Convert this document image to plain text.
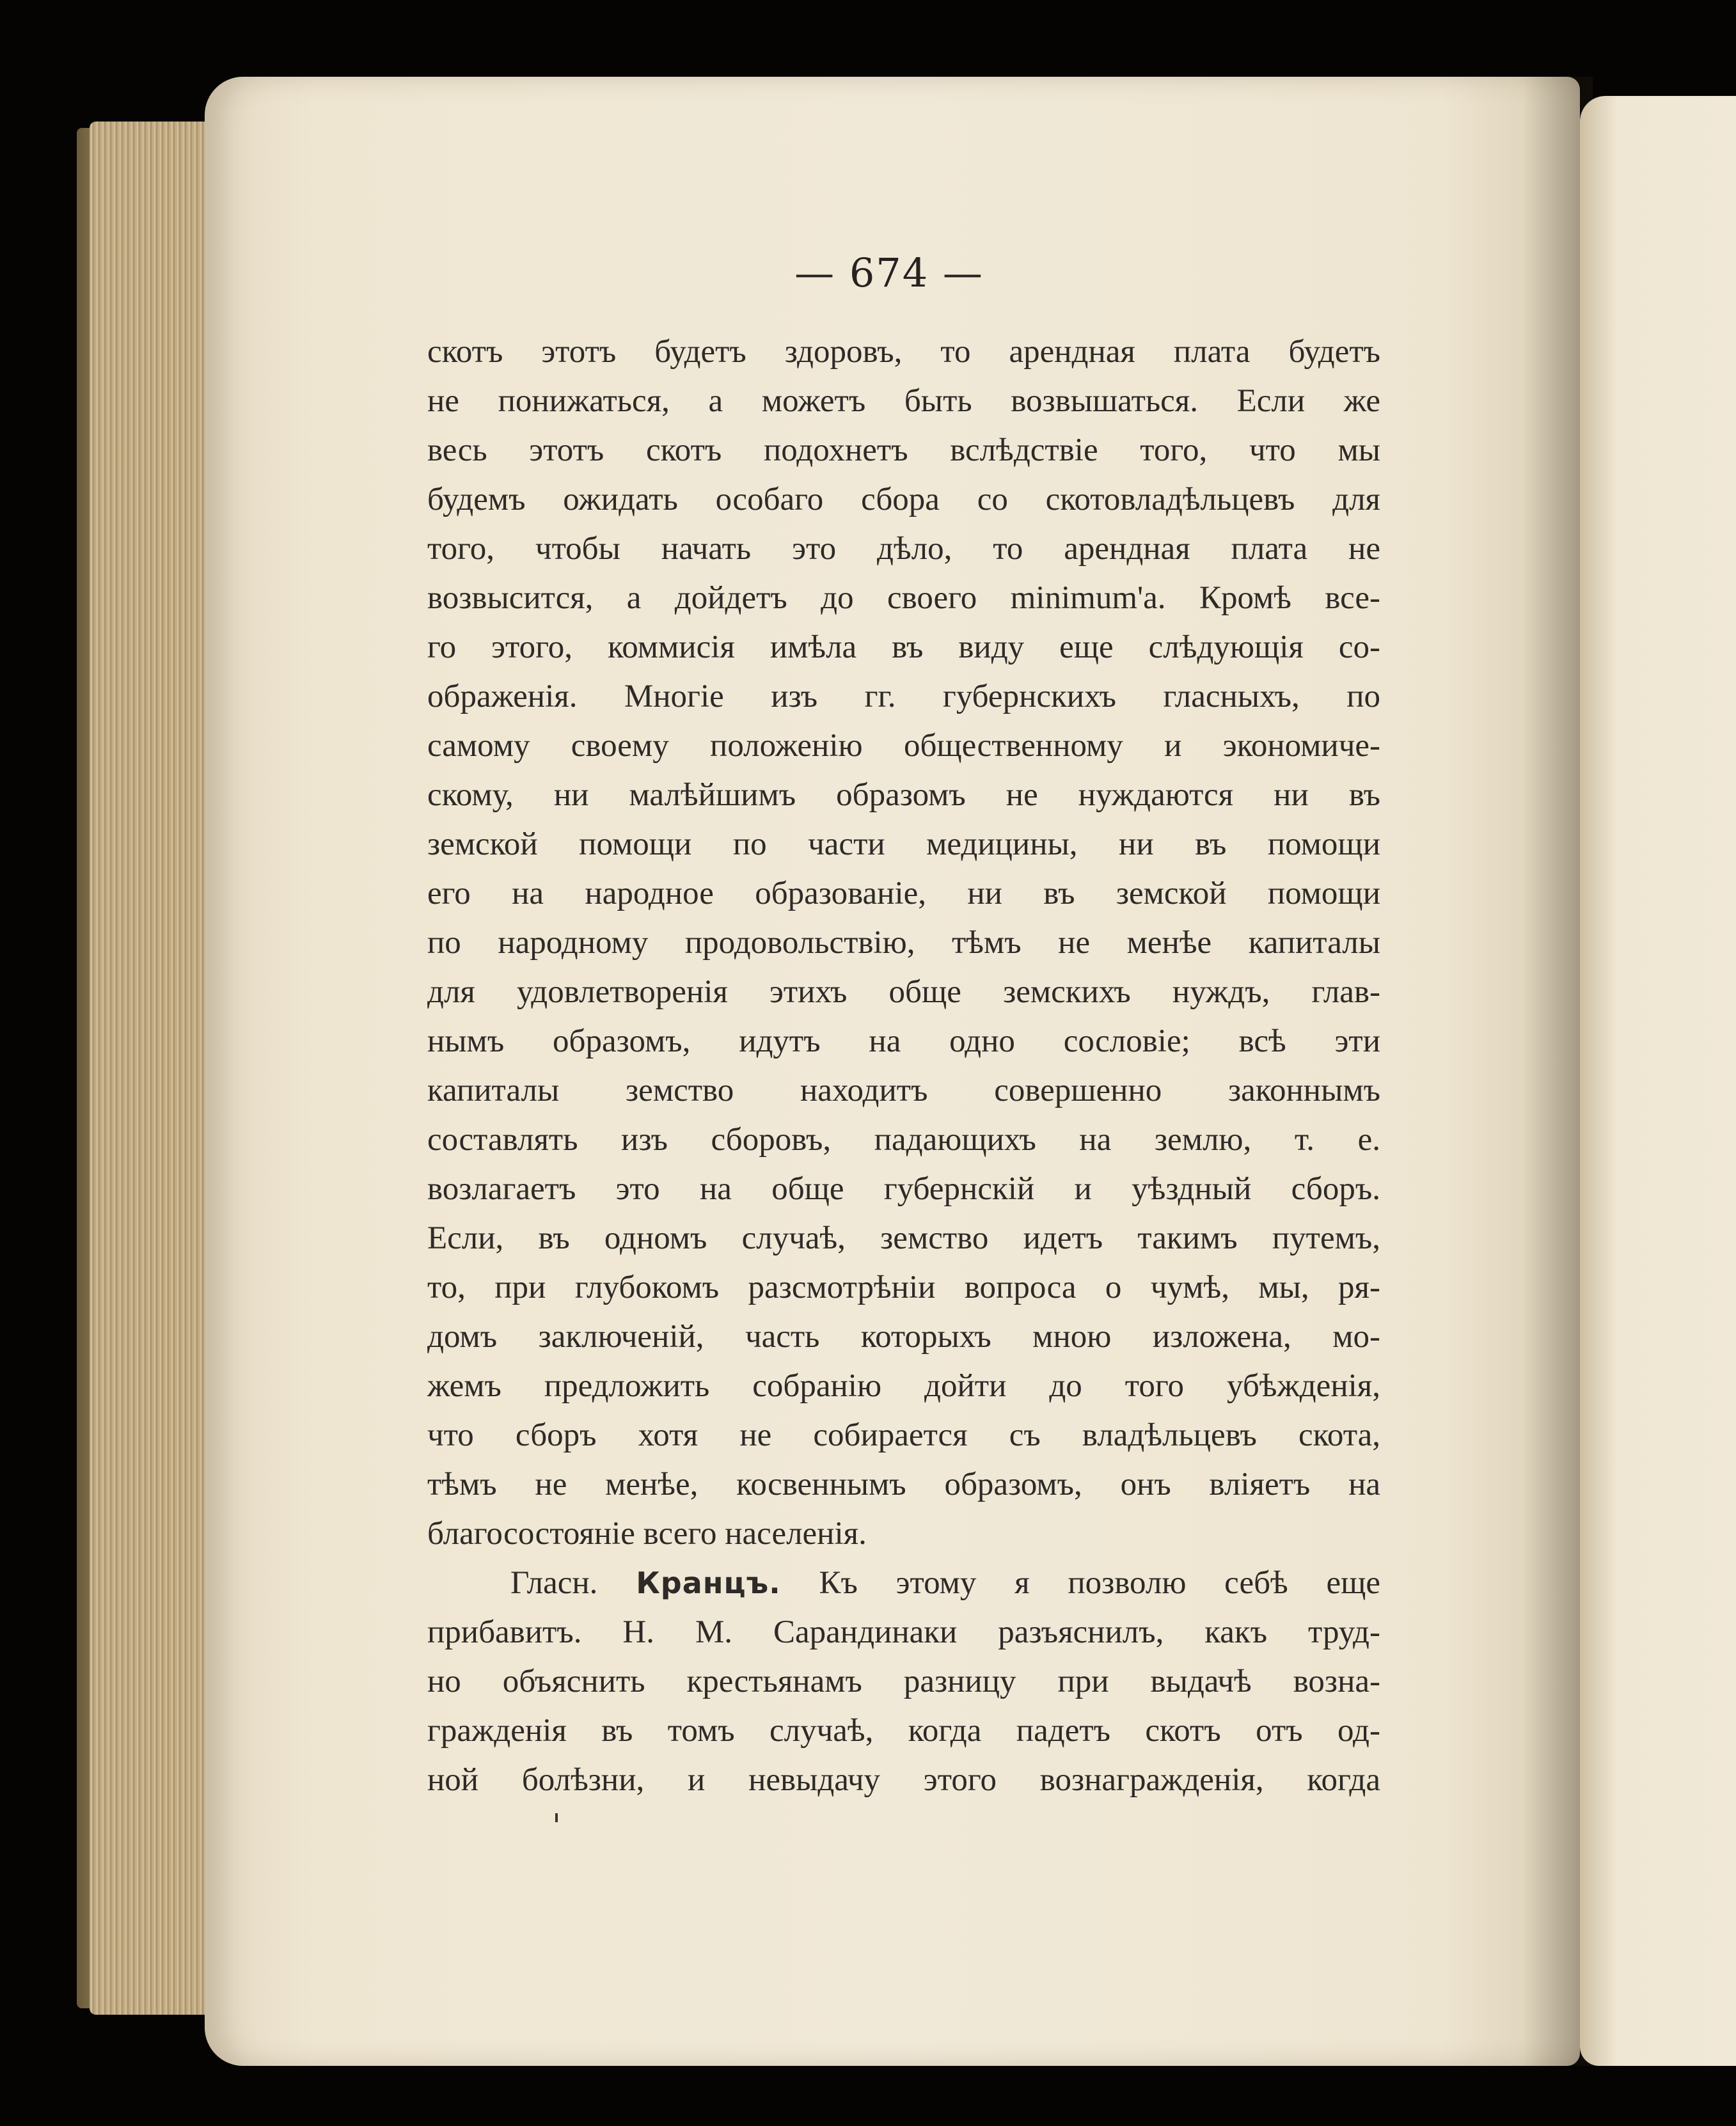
— 674 —
скотъ этотъ будетъ здоровъ, то арендная плата будетъ
не понижаться, а можетъ быть возвышаться. Если же
весь этотъ скотъ подохнетъ вслѣдствіе того, что мы
будемъ ожидать особаго сбора со скотовладѣльцевъ для
того, чтобы начать это дѣло, то арендная плата не
возвысится, а дойдетъ до своего minimum'а. Кромѣ все-
го этого, коммисія имѣла въ виду еще слѣдующія со-
ображенія. Многіе изъ гг. губернскихъ гласныхъ, по
самому своему положенію общественному и экономиче-
скому, ни малѣйшимъ образомъ не нуждаются ни въ
земской помощи по части медицины, ни въ помощи
его на народное образованіе, ни въ земской помощи
по народному продовольствію, тѣмъ не менѣе капиталы
для удовлетворенія этихъ обще земскихъ нуждъ, глав-
нымъ образомъ, идутъ на одно сословіе; всѣ эти
капиталы земство находитъ совершенно законнымъ
составлять изъ сборовъ, падающихъ на землю, т. е.
возлагаетъ это на обще губернскій и уѣздный сборъ.
Если, въ одномъ случаѣ, земство идетъ такимъ путемъ,
то, при глубокомъ разсмотрѣніи вопроса о чумѣ, мы, ря-
домъ заключеній, часть которыхъ мною изложена, мо-
жемъ предложить собранію дойти до того убѣжденія,
что сборъ хотя не собирается съ владѣльцевъ скота,
тѣмъ не менѣе, косвеннымъ образомъ, онъ вліяетъ на
благосостояніе всего населенія.
Гласн. Кранцъ. Къ этому я позволю себѣ еще
прибавитъ. Н. М. Сарандинаки разъяснилъ, какъ труд-
но объяснить крестьянамъ разницу при выдачѣ возна-
гражденія въ томъ случаѣ, когда падетъ скотъ отъ од-
ной болѣзни, и невыдачу этого вознагражденія, когда
